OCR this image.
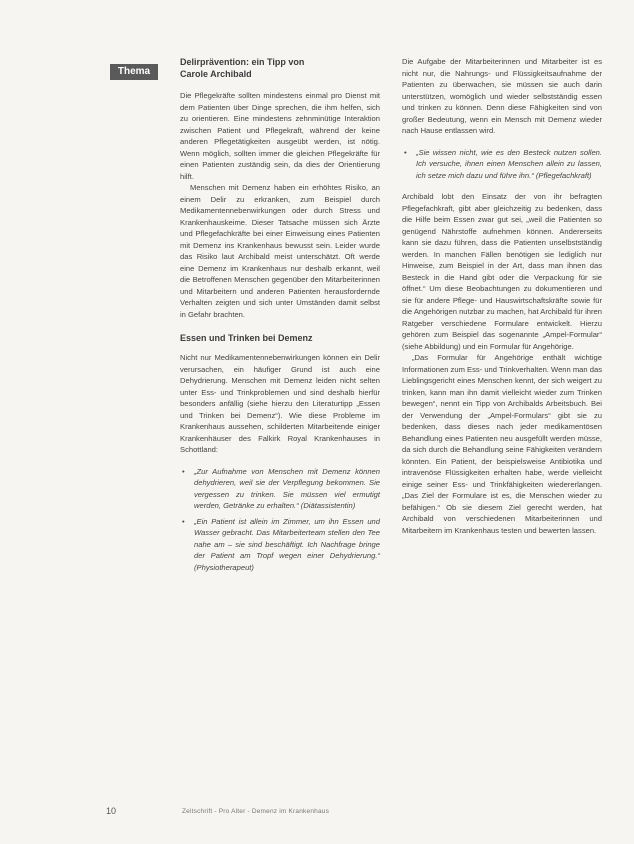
Thema
Delirprävention: ein Tipp von
Carole Archibald

Die Pflegekräfte sollten mindestens einmal pro Dienst mit dem Patienten über Dinge sprechen, die ihm helfen, sich zu orientieren. Eine mindestens zehnminütige Interaktion zwischen Patient und Pflegekraft, während der keine anderen Pflegetätigkeiten ausgeübt werden, ist nötig. Wenn möglich, sollten immer die gleichen Pflegekräfte für einen Patienten zuständig sein, da dies der Orientierung hilft.

Menschen mit Demenz haben ein erhöhtes Risiko, an einem Delir zu erkranken, zum Beispiel durch Medikamentennebenwirkungen oder durch Stress und Krankenhauskeime. Dieser Tatsache müssen sich Ärzte und Pflegefachkräfte bei einer Einweisung eines Patienten mit Demenz ins Krankenhaus bewusst sein. Leider wurde das Risiko laut Archibald meist unterschätzt. Oft werde eine Demenz im Krankenhaus nur deshalb erkannt, weil die Betroffenen Menschen gegenüber den Mitarbeiterinnen und Mitarbeitern und anderen Patienten herausfordernde Verhalten zeigten und sich unter Umständen damit selbst in Gefahr brachten.

Essen und Trinken bei Demenz

Nicht nur Medikamentennebenwirkungen können ein Delir verursachen, ein häufiger Grund ist auch eine Dehydrierung. Menschen mit Demenz leiden nicht selten unter Ess- und Trinkproblemen und sind deshalb hierfür besonders anfällig (siehe hierzu den Literaturtipp „Essen und Trinken bei Demenz“). Wie diese Probleme im Krankenhaus aussehen, schilderten Mitarbeitende einiger Krankenhäuser des Falkirk Royal Krankenhauses in Schottland:

• „Zur Aufnahme von Menschen mit Demenz können dehydrieren, weil sie der Verpflegung bekommen. Sie vergessen zu trinken. Sie müssen viel ermutigt werden, Getränke zu erhalten.“ (Diätassistentin)
• „Ein Patient ist allein im Zimmer, um ihn Essen und Wasser gebracht. Das Mitarbeiterteam stellen den Tee nahe am – sie sind beschäftigt. Ich Nachfrage bringe der Patient am Tropf wegen einer Dehydrierung.“ (Physiotherapeut)

Die Aufgabe der Mitarbeiterinnen und Mitarbeiter ist es nicht nur, die Nahrungs- und Flüssigkeitsaufnahme der Patienten zu überwachen, sie müssen sie auch darin unterstützen, womöglich und wieder selbstständig essen und trinken zu können. Denn diese Fähigkeiten sind von großer Bedeutung, wenn ein Mensch mit Demenz wieder nach Hause entlassen wird.

• „Sie wissen nicht, wie es den Besteck nutzen sollen. Ich versuche, ihnen einen Menschen allein zu lassen, ich setze mich dazu und führe ihn.“ (Pflegefachkraft)

Archibald lobt den Einsatz der von ihr befragten Pflegefachkraft, gibt aber gleichzeitig zu bedenken, dass die Hilfe beim Essen zwar gut sei, „weil die Patienten so genügend Nährstoffe aufnehmen können. Andererseits kann sie dazu führen, dass die Patienten unselbstständig werden. In manchen Fällen benötigen sie lediglich nur Hinweise, zum Beispiel in der Art, dass man ihnen das Besteck in die Hand gibt oder die Verpackung für sie öffnet.“ Um diese Beobachtungen zu dokumentieren und sie für andere Pflege- und Hauswirtschaftskräfte sowie für die Angehörigen nutzbar zu machen, hat Archibald für ihren Ratgeber verschiedene Formulare entwickelt. Hierzu gehören zum Beispiel das sogenannte „Ampel-Formular“ (siehe Abbildung) und ein Formular für Angehörige.

„Das Formular für Angehörige enthält wichtige Informationen zum Ess- und Trinkverhalten. Wenn man das Lieblingsgericht eines Menschen kennt, der sich weigert zu trinken, kann man ihn damit vielleicht wieder zum Trinken bewegen“, nennt ein Tipp von Archibalds Arbeitsbuch. Bei der Verwendung der „Ampel-Formulars“ gibt sie zu bedenken, dass dieses nach jeder medikamentösen Behandlung eines Patienten neu ausgefüllt werden müsse, da sich durch die Behandlung seine Fähigkeiten verändern könnten. Ein Patient, der beispielsweise Antibiotika und intravenöse Flüssigkeiten erhalten habe, werde vielleicht einige seiner Ess- und Trinkfähigkeiten wiedererlangen. „Das Ziel der Formulare ist es, die Menschen wieder zu befähigen.“ Ob sie diesem Ziel gerecht werden, hat Archibald von verschiedenen Mitarbeiterinnen und Mitarbeitern im Krankenhaus testen und bewerten lassen.

10	Zeitschrift - Pro Alter - Demenz im Krankenhaus
